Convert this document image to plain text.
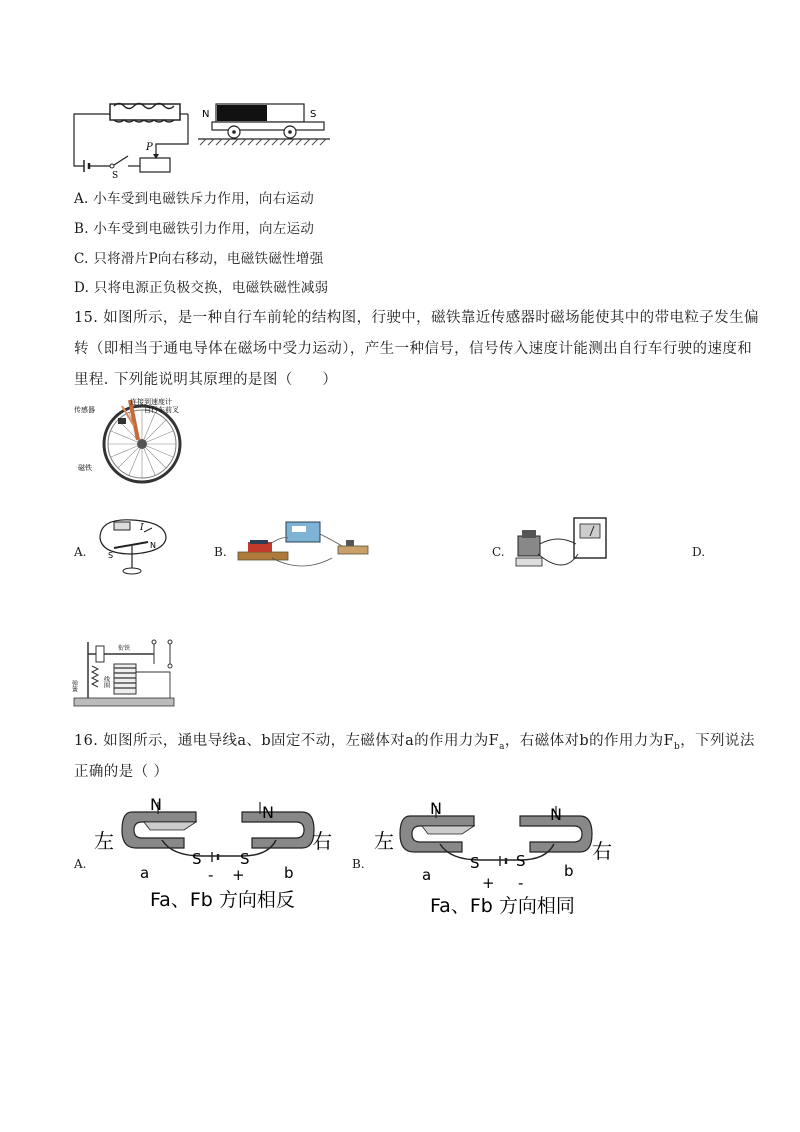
P
S
N	S
A. 小车受到电磁铁斥力作用，向右运动
B. 小车受到电磁铁引力作用，向左运动
C. 只将滑片P向右移动，电磁铁磁性增强
D. 只将电源正负极交换，电磁铁磁性减弱
15. 如图所示，是一种自行车前轮的结构图，行驶中，磁铁靠近传感器时磁场能使其中的带电粒子发生偏
转（即相当于通电导体在磁场中受力运动），产生一种信号，信号传入速度计能测出自行车行驶的速度和
里程. 下列能说明其原理的是图（　　）
传感器
连接到速度计
自行车前叉
磁铁
A.
I
S
N	B.	C.	D.
衔铁
弹簧	线圈
16. 如图所示，通电导线a、b固定不动，左磁体对a的作用力为$F_a$，右磁体对b的作用力为$F_b$，下列说法
正确的是（ ）
A.
N	N
左	右
S	S
a	b
- +
Fa、Fb 方向相反
B.
N	N
左	右
S S
a	b
+ -
Fa、Fb 方向相同
